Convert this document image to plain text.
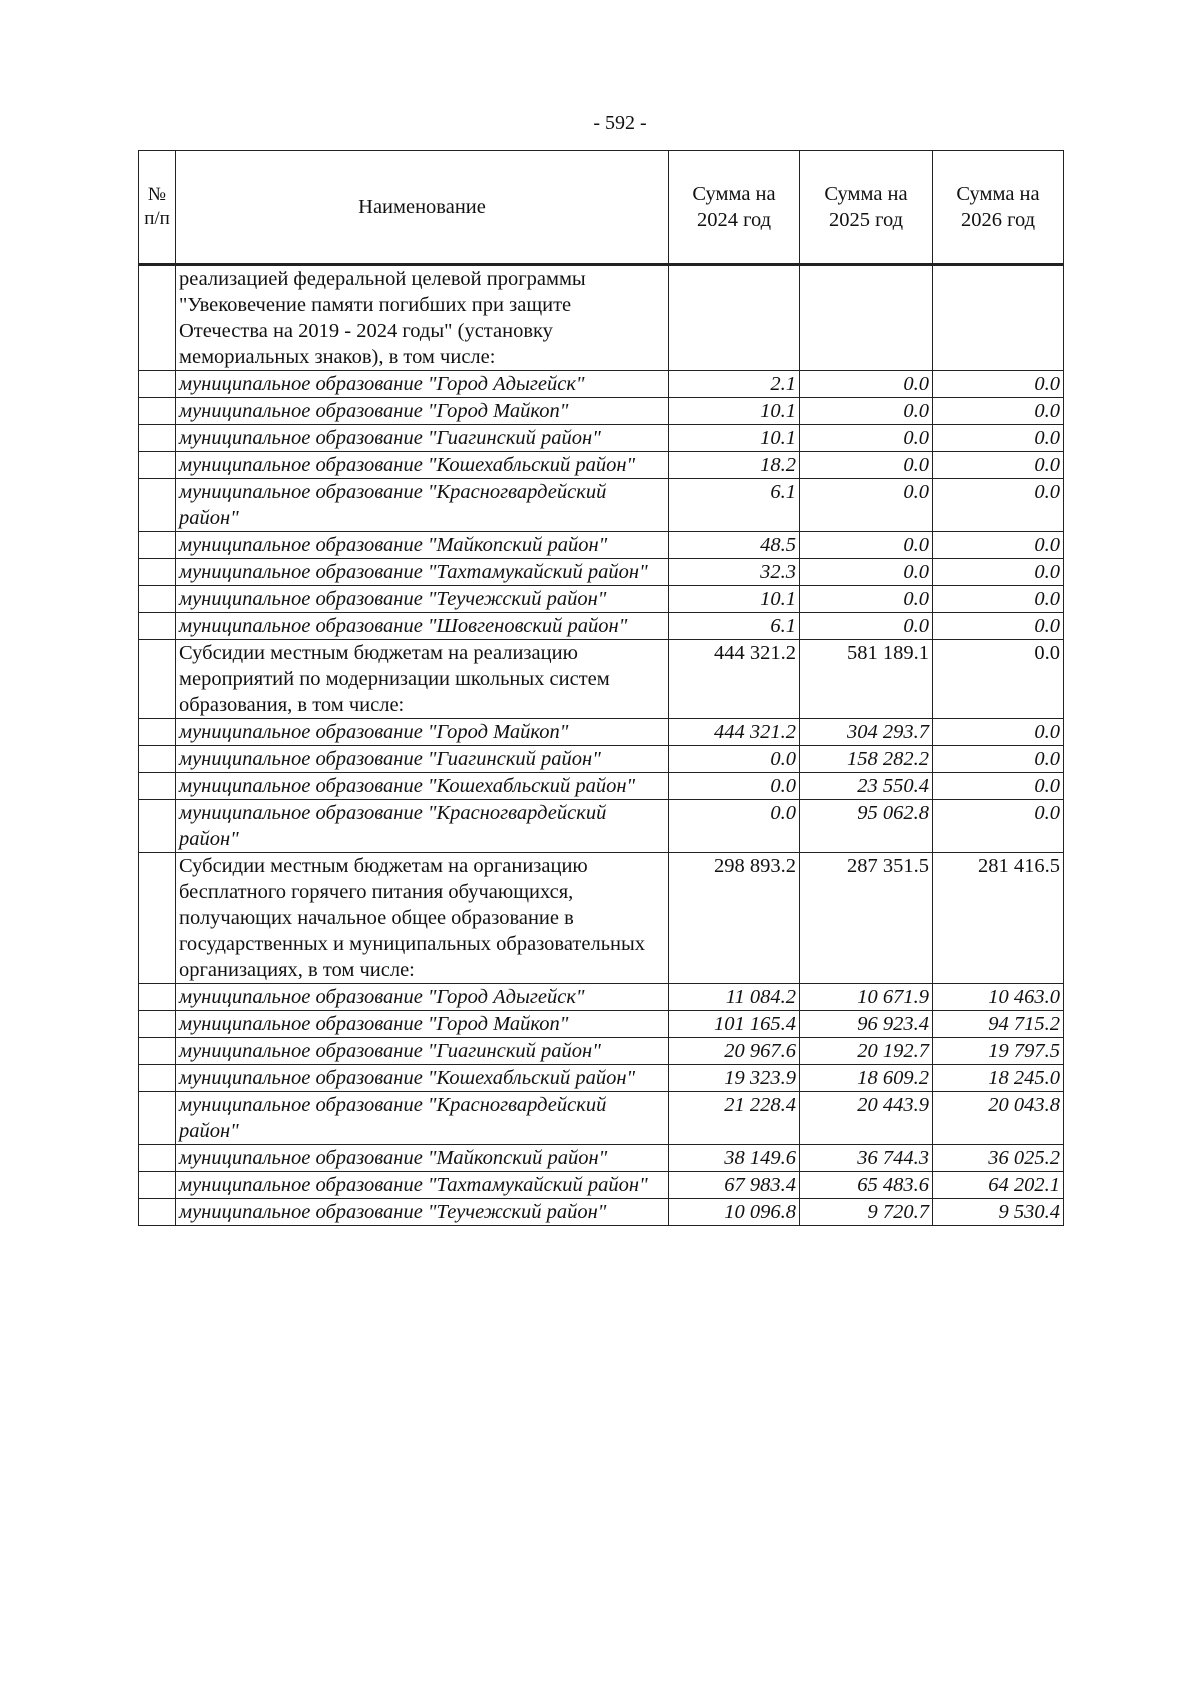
- 592 -
№ п/п	Наименование	Сумма на 2024 год	Сумма на 2025 год	Сумма на 2026 год
	реализацией федеральной целевой программы "Увековечение памяти погибших при защите Отечества на 2019 - 2024 годы" (установку мемориальных знаков), в том числе:			
	муниципальное образование "Город Адыгейск"	2.1	0.0	0.0
	муниципальное образование "Город Майкоп"	10.1	0.0	0.0
	муниципальное образование "Гиагинский район"	10.1	0.0	0.0
	муниципальное образование "Кошехабльский район"	18.2	0.0	0.0
	муниципальное образование "Красногвардейский район"	6.1	0.0	0.0
	муниципальное образование "Майкопский район"	48.5	0.0	0.0
	муниципальное образование "Тахтамукайский район"	32.3	0.0	0.0
	муниципальное образование "Теучежский район"	10.1	0.0	0.0
	муниципальное образование "Шовгеновский район"	6.1	0.0	0.0
	Субсидии местным бюджетам на реализацию мероприятий по модернизации школьных систем образования, в том числе:	444 321.2	581 189.1	0.0
	муниципальное образование "Город Майкоп"	444 321.2	304 293.7	0.0
	муниципальное образование "Гиагинский район"	0.0	158 282.2	0.0
	муниципальное образование "Кошехабльский район"	0.0	23 550.4	0.0
	муниципальное образование "Красногвардейский район"	0.0	95 062.8	0.0
	Субсидии местным бюджетам на организацию бесплатного горячего питания обучающихся, получающих начальное общее образование в государственных и муниципальных образовательных организациях, в том числе:	298 893.2	287 351.5	281 416.5
	муниципальное образование "Город Адыгейск"	11 084.2	10 671.9	10 463.0
	муниципальное образование "Город Майкоп"	101 165.4	96 923.4	94 715.2
	муниципальное образование "Гиагинский район"	20 967.6	20 192.7	19 797.5
	муниципальное образование "Кошехабльский район"	19 323.9	18 609.2	18 245.0
	муниципальное образование "Красногвардейский район"	21 228.4	20 443.9	20 043.8
	муниципальное образование "Майкопский район"	38 149.6	36 744.3	36 025.2
	муниципальное образование "Тахтамукайский район"	67 983.4	65 483.6	64 202.1
	муниципальное образование "Теучежский район"	10 096.8	9 720.7	9 530.4
